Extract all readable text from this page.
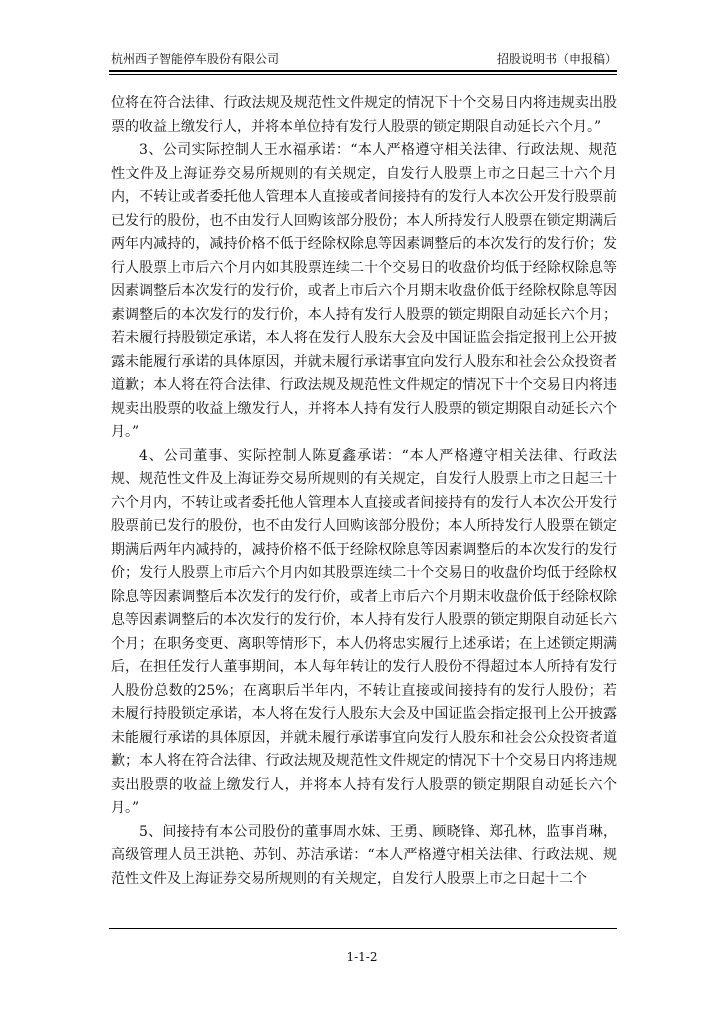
杭州西子智能停车股份有限公司	招股说明书（申报稿）

位将在符合法律、行政法规及规范性文件规定的情况下十个交易日内将违规卖出股票的收益上缴发行人，并将本单位持有发行人股票的锁定期限自动延长六个月。”

3、公司实际控制人王水福承诺：“本人严格遵守相关法律、行政法规、规范性文件及上海证券交易所规则的有关规定，自发行人股票上市之日起三十六个月内，不转让或者委托他人管理本人直接或者间接持有的发行人本次公开发行股票前已发行的股份，也不由发行人回购该部分股份；本人所持发行人股票在锁定期满后两年内减持的，减持价格不低于经除权除息等因素调整后的本次发行的发行价；发行人股票上市后六个月内如其股票连续二十个交易日的收盘价均低于经除权除息等因素调整后本次发行的发行价，或者上市后六个月期末收盘价低于经除权除息等因素调整后的本次发行的发行价，本人持有发行人股票的锁定期限自动延长六个月；若未履行持股锁定承诺，本人将在发行人股东大会及中国证监会指定报刊上公开披露未能履行承诺的具体原因，并就未履行承诺事宜向发行人股东和社会公众投资者道歉；本人将在符合法律、行政法规及规范性文件规定的情况下十个交易日内将违规卖出股票的收益上缴发行人，并将本人持有发行人股票的锁定期限自动延长六个月。”

4、公司董事、实际控制人陈夏鑫承诺：“本人严格遵守相关法律、行政法规、规范性文件及上海证券交易所规则的有关规定，自发行人股票上市之日起三十六个月内，不转让或者委托他人管理本人直接或者间接持有的发行人本次公开发行股票前已发行的股份，也不由发行人回购该部分股份；本人所持发行人股票在锁定期满后两年内减持的，减持价格不低于经除权除息等因素调整后的本次发行的发行价；发行人股票上市后六个月内如其股票连续二十个交易日的收盘价均低于经除权除息等因素调整后本次发行的发行价，或者上市后六个月期末收盘价低于经除权除息等因素调整后的本次发行的发行价，本人持有发行人股票的锁定期限自动延长六个月；在职务变更、离职等情形下，本人仍将忠实履行上述承诺；在上述锁定期满后，在担任发行人董事期间，本人每年转让的发行人股份不得超过本人所持有发行人股份总数的25%；在离职后半年内，不转让直接或间接持有的发行人股份；若未履行持股锁定承诺，本人将在发行人股东大会及中国证监会指定报刊上公开披露未能履行承诺的具体原因，并就未履行承诺事宜向发行人股东和社会公众投资者道歉；本人将在符合法律、行政法规及规范性文件规定的情况下十个交易日内将违规卖出股票的收益上缴发行人，并将本人持有发行人股票的锁定期限自动延长六个月。”

5、间接持有本公司股份的董事周水妹、王勇、顾晓锋、郑孔林，监事肖琳，高级管理人员王洪艳、苏钊、苏洁承诺：“本人严格遵守相关法律、行政法规、规范性文件及上海证券交易所规则的有关规定，自发行人股票上市之日起十二个

1-1-2
